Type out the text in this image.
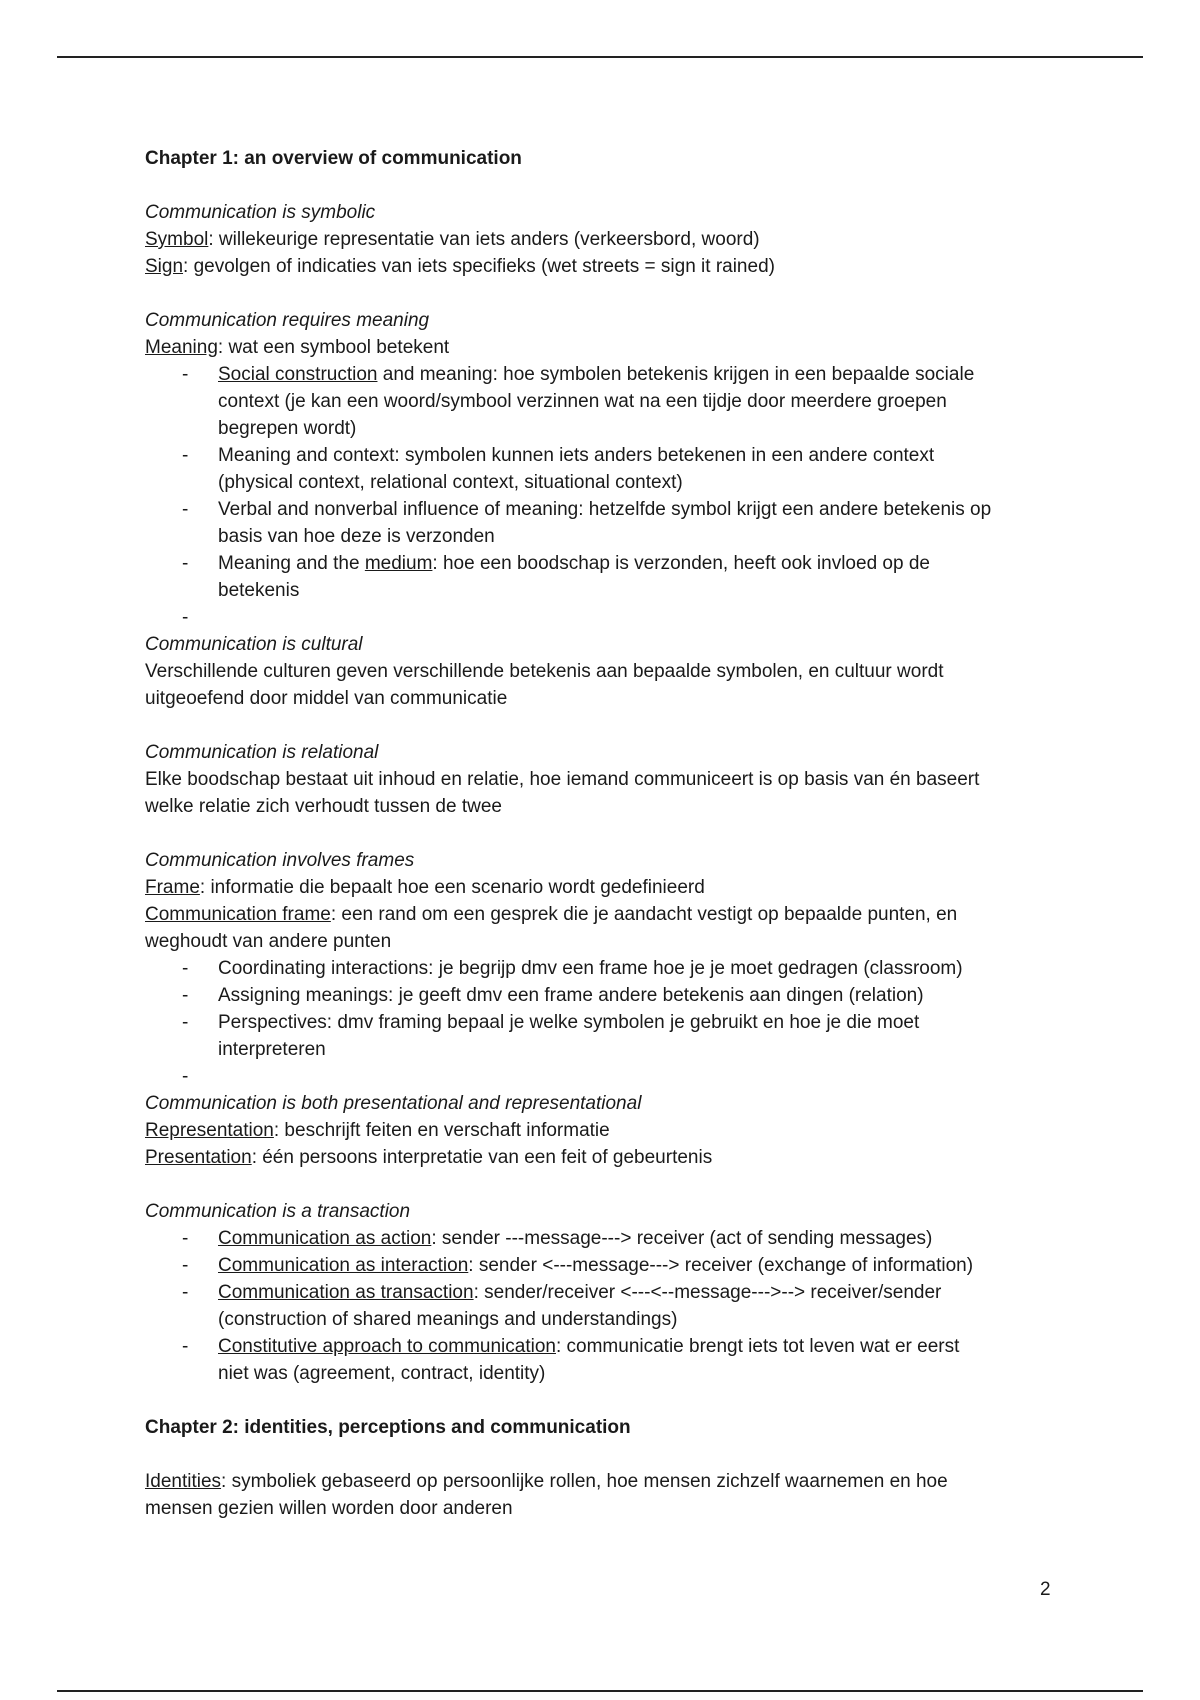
Chapter 1: an overview of communication

Communication is symbolic

Symbol: willekeurige representatie van iets anders (verkeersbord, woord)

Sign: gevolgen of indicaties van iets specifieks (wet streets = sign it rained)

Communication requires meaning

Meaning: wat een symbool betekent

- Social construction and meaning: hoe symbolen betekenis krijgen in een bepaalde sociale
context (je kan een woord/symbool verzinnen wat na een tijdje door meerdere groepen
begrepen wordt)
- Meaning and context: symbolen kunnen iets anders betekenen in een andere context
(physical context, relational context, situational context)
- Verbal and nonverbal influence of meaning: hetzelfde symbol krijgt een andere betekenis op
basis van hoe deze is verzonden
- Meaning and the medium: hoe een boodschap is verzonden, heeft ook invloed op de
betekenis
-

Communication is cultural

Verschillende culturen geven verschillende betekenis aan bepaalde symbolen, en cultuur wordt

uitgeoefend door middel van communicatie

Communication is relational

Elke boodschap bestaat uit inhoud en relatie, hoe iemand communiceert is op basis van én baseert

welke relatie zich verhoudt tussen de twee

Communication involves frames

Frame: informatie die bepaalt hoe een scenario wordt gedefinieerd

Communication frame: een rand om een gesprek die je aandacht vestigt op bepaalde punten, en

weghoudt van andere punten

- Coordinating interactions: je begrijp dmv een frame hoe je je moet gedragen (classroom)
- Assigning meanings: je geeft dmv een frame andere betekenis aan dingen (relation)
- Perspectives: dmv framing bepaal je welke symbolen je gebruikt en hoe je die moet
interpreteren
-

Communication is both presentational and representational

Representation: beschrijft feiten en verschaft informatie

Presentation: één persoons interpretatie van een feit of gebeurtenis

Communication is a transaction

- Communication as action: sender ---message---> receiver (act of sending messages)
- Communication as interaction: sender <---message---> receiver (exchange of information)
- Communication as transaction: sender/receiver <---<--message--->--> receiver/sender
(construction of shared meanings and understandings)
- Constitutive approach to communication: communicatie brengt iets tot leven wat er eerst
niet was (agreement, contract, identity)

Chapter 2: identities, perceptions and communication

Identities: symboliek gebaseerd op persoonlijke rollen, hoe mensen zichzelf waarnemen en hoe

mensen gezien willen worden door anderen

2
